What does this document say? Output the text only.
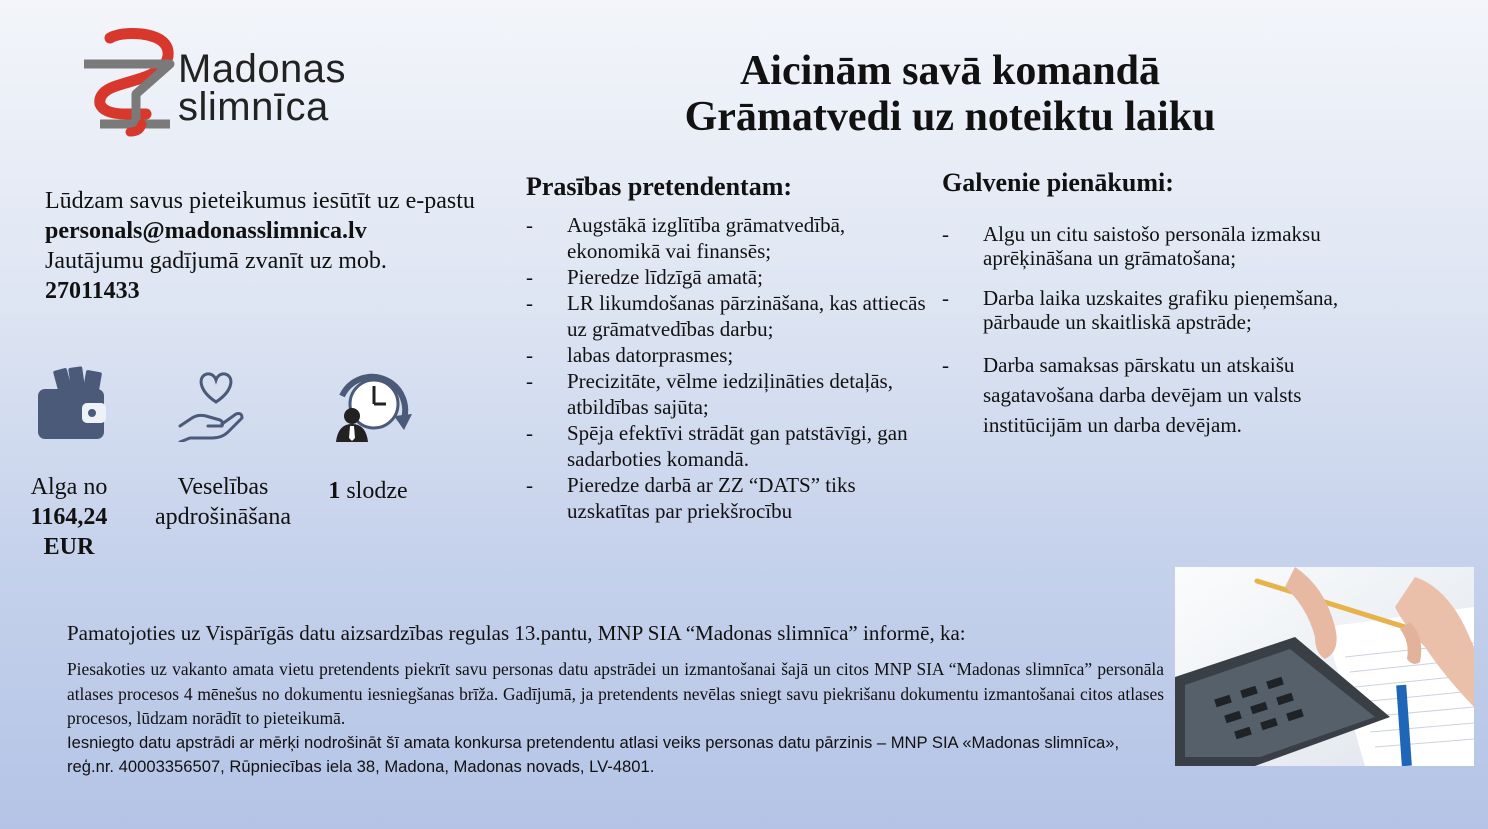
Madonas
slimnīca
Aicinām savā komandā
Grāmatvedi uz noteiktu laiku
Lūdzam savus pieteikumus iesūtīt uz e-pastu
personals@madonasslimnica.lv
Jautājumu gadījumā zvanīt uz mob.
27011433
Prasības pretendentam:
- Augstākā izglītība grāmatvedībā, ekonomikā vai finansēs;
- Pieredze līdzīgā amatā;
- LR likumdošanas pārzināšana, kas attiecās uz grāmatvedības darbu;
- labas datorprasmes;
- Precizitāte, vēlme iedziļināties detaļās, atbildības sajūta;
- Spēja efektīvi strādāt gan patstāvīgi, gan sadarboties komandā.
- Pieredze darbā ar ZZ “DATS” tiks uzskatītas par priekšrocību
Galvenie pienākumi:
- Algu un citu saistošo personāla izmaksu aprēķināšana un grāmatošana;
- Darba laika uzskaites grafiku pieņemšana, pārbaude un skaitliskā apstrāde;
- Darba samaksas pārskatu un atskaišu sagatavošana darba devējam un valsts institūcijām un darba devējam.
Alga no
1164,24
EUR
Veselības
apdrošināšana
1 slodze
Pamatojoties uz Vispārīgās datu aizsardzības regulas 13.pantu, MNP SIA “Madonas slimnīca” informē, ka:
Piesakoties uz vakanto amata vietu pretendents piekrīt savu personas datu apstrādei un izmantošanai šajā un citos MNP SIA “Madonas slimnīca” personāla atlases procesos 4 mēnešus no dokumentu iesniegšanas brīža. Gadījumā, ja pretendents nevēlas sniegt savu piekrišanu dokumentu izmantošanai citos atlases procesos, lūdzam norādīt to pieteikumā.
Iesniegto datu apstrādi ar mērķi nodrošināt šī amata konkursa pretendentu atlasi veiks personas datu pārzinis – MNP SIA «Madonas slimnīca», reģ.nr. 40003356507, Rūpniecības iela 38, Madona, Madonas novads, LV-4801.
